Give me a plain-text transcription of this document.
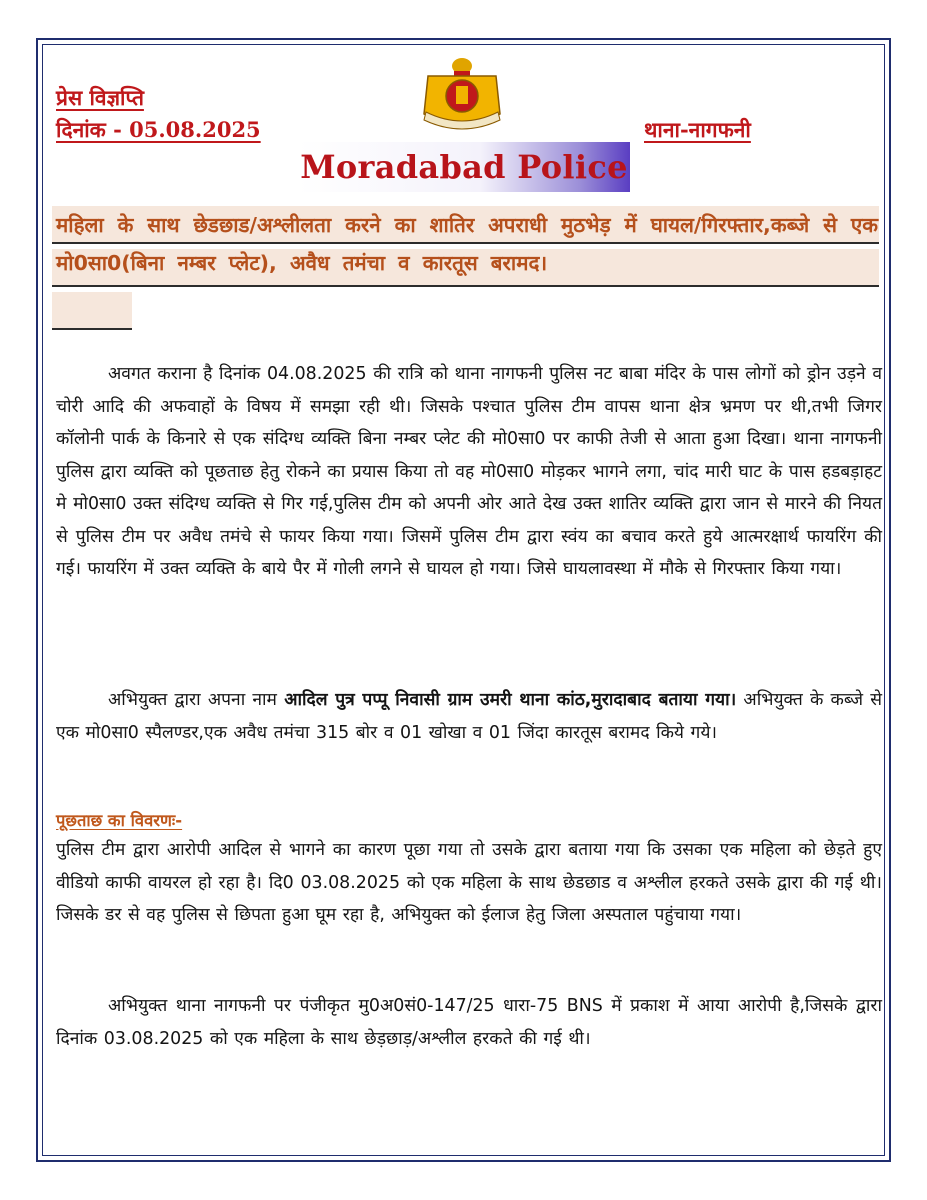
प्रेस विज्ञप्ति
दिनांक - 05.08.2025	थाना-नागफनी
Moradabad Police
महिला के साथ छेडछाड/अश्लीलता करने का शातिर अपराधी मुठभेड़ में घायल/गिरफ्तार,कब्जे से एक मो0सा0(बिना नम्बर प्लेट), अवैध तमंचा व कारतूस बरामद।
अवगत कराना है दिनांक 04.08.2025 की रात्रि को थाना नागफनी पुलिस नट बाबा मंदिर के पास लोगों को ड्रोन उड़ने व चोरी आदि की अफवाहों के विषय में समझा रही थी। जिसके पश्चात पुलिस टीम वापस थाना क्षेत्र भ्रमण पर थी,तभी जिगर कॉलोनी पार्क के किनारे से एक संदिग्ध व्यक्ति बिना नम्बर प्लेट की मो0सा0 पर काफी तेजी से आता हुआ दिखा। थाना नागफनी पुलिस द्वारा व्यक्ति को पूछताछ हेतु रोकने का प्रयास किया तो वह मो0सा0 मोड़कर भागने लगा, चांद मारी घाट के पास हडबड़ाहट मे मो0सा0 उक्त संदिग्ध व्यक्ति से गिर गई,पुलिस टीम को अपनी ओर आते देख उक्त शातिर व्यक्ति द्वारा जान से मारने की नियत से पुलिस टीम पर अवैध तमंचे से फायर किया गया। जिसमें पुलिस टीम द्वारा स्वंय का बचाव करते हुये आत्मरक्षार्थ फायरिंग की गई। फायरिंग में उक्त व्यक्ति के बाये पैर में गोली लगने से घायल हो गया। जिसे घायलावस्था में मौके से गिरफ्तार किया गया।
अभियुक्त द्वारा अपना नाम आदिल पुत्र पप्पू निवासी ग्राम उमरी थाना कांठ,मुरादाबाद बताया गया। अभियुक्त के कब्जे से एक मो0सा0 स्पैलण्डर,एक अवैध तमंचा 315 बोर व 01 खोखा व 01 जिंदा कारतूस बरामद किये गये।
पूछताछ का विवरणः-
पुलिस टीम द्वारा आरोपी आदिल से भागने का कारण पूछा गया तो उसके द्वारा बताया गया कि उसका एक महिला को छेड़ते हुए वीडियो काफी वायरल हो रहा है। दि0 03.08.2025 को एक महिला के साथ छेडछाड व अश्लील हरकते उसके द्वारा की गई थी। जिसके डर से वह पुलिस से छिपता हुआ घूम रहा है, अभियुक्त को ईलाज हेतु जिला अस्पताल पहुंचाया गया।
अभियुक्त थाना नागफनी पर पंजीकृत मु0अ0सं0-147/25 धारा-75 BNS में प्रकाश में आया आरोपी है,जिसके द्वारा दिनांक 03.08.2025 को एक महिला के साथ छेड़छाड़/अश्लील हरकते की गई थी।
